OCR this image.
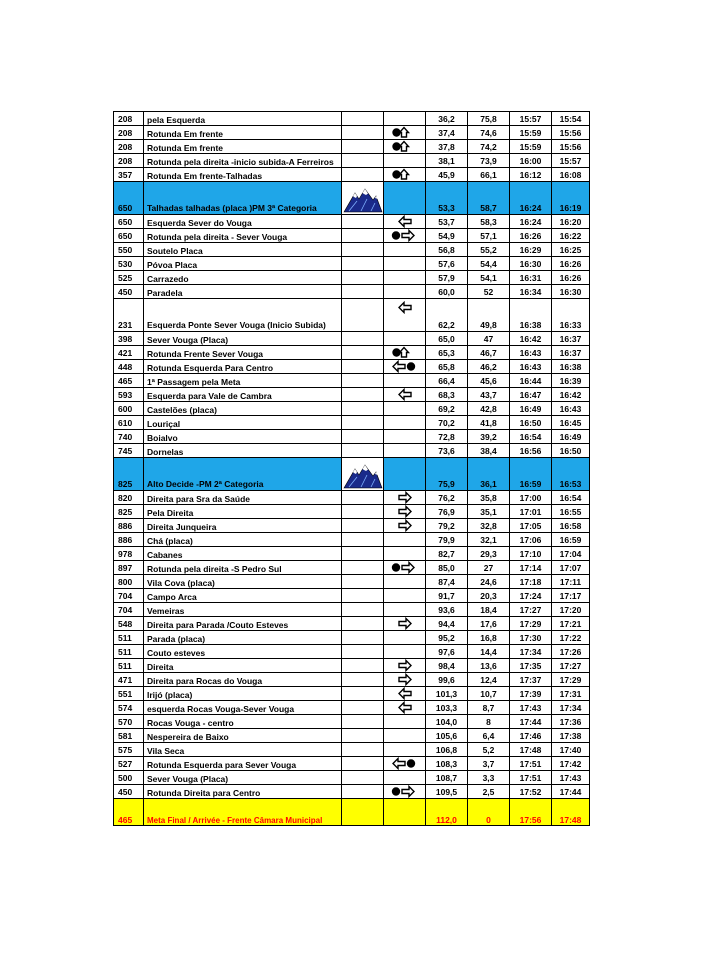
208	pela Esquerda			36,2	75,8	15:57	15:54
208	Rotunda Em frente			37,4	74,6	15:59	15:56
208	Rotunda Em frente			37,8	74,2	15:59	15:56
208	Rotunda pela direita -inicio subida-A Ferreiros			38,1	73,9	16:00	15:57
357	Rotunda Em frente-Talhadas			45,9	66,1	16:12	16:08
650	Talhadas talhadas (placa )PM 3ª Categoria			53,3	58,7	16:24	16:19
650	Esquerda Sever do Vouga			53,7	58,3	16:24	16:20
650	Rotunda pela direita - Sever Vouga			54,9	57,1	16:26	16:22
550	Soutelo Placa			56,8	55,2	16:29	16:25
530	Póvoa Placa			57,6	54,4	16:30	16:26
525	Carrazedo			57,9	54,1	16:31	16:26
450	Paradela			60,0	52	16:34	16:30
231	Esquerda Ponte Sever Vouga (Inicio Subida)			62,2	49,8	16:38	16:33
398	Sever Vouga (Placa)			65,0	47	16:42	16:37
421	Rotunda Frente Sever Vouga			65,3	46,7	16:43	16:37
448	Rotunda Esquerda Para Centro			65,8	46,2	16:43	16:38
465	1ª Passagem pela Meta			66,4	45,6	16:44	16:39
593	Esquerda para Vale de Cambra			68,3	43,7	16:47	16:42
600	Castelões (placa)			69,2	42,8	16:49	16:43
610	Louriçal			70,2	41,8	16:50	16:45
740	Boialvo			72,8	39,2	16:54	16:49
745	Dornelas			73,6	38,4	16:56	16:50
825	Alto Decide -PM 2ª Categoria			75,9	36,1	16:59	16:53
820	Direita para Sra da Saúde			76,2	35,8	17:00	16:54
825	Pela Direita			76,9	35,1	17:01	16:55
886	Direita Junqueira			79,2	32,8	17:05	16:58
886	Chá (placa)			79,9	32,1	17:06	16:59
978	Cabanes			82,7	29,3	17:10	17:04
897	Rotunda pela direita -S Pedro Sul			85,0	27	17:14	17:07
800	Vila Cova (placa)			87,4	24,6	17:18	17:11
704	Campo Arca			91,7	20,3	17:24	17:17
704	Vemeiras			93,6	18,4	17:27	17:20
548	Direita para Parada /Couto Esteves			94,4	17,6	17:29	17:21
511	Parada (placa)			95,2	16,8	17:30	17:22
511	Couto esteves			97,6	14,4	17:34	17:26
511	Direita			98,4	13,6	17:35	17:27
471	Direita para Rocas do Vouga			99,6	12,4	17:37	17:29
551	Irijó (placa)			101,3	10,7	17:39	17:31
574	esquerda Rocas Vouga-Sever Vouga			103,3	8,7	17:43	17:34
570	Rocas Vouga - centro			104,0	8	17:44	17:36
581	Nespereira de Baixo			105,6	6,4	17:46	17:38
575	Vila Seca			106,8	5,2	17:48	17:40
527	Rotunda Esquerda para Sever Vouga			108,3	3,7	17:51	17:42
500	Sever Vouga (Placa)			108,7	3,3	17:51	17:43
450	Rotunda Direita para Centro			109,5	2,5	17:52	17:44
465	Meta Final / Arrivée - Frente Câmara Municipal			112,0	0	17:56	17:48
